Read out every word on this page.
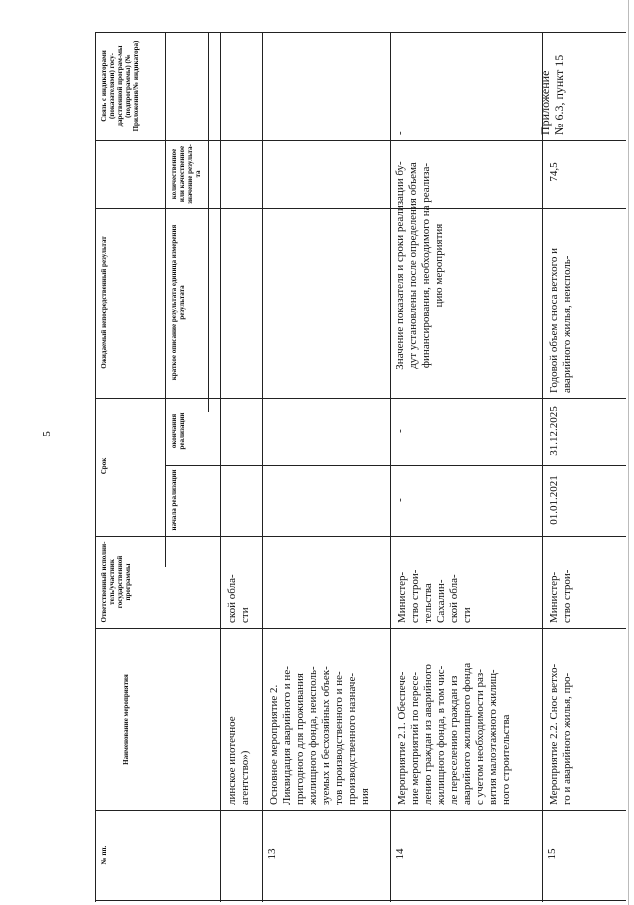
5
№ пп.
Наименование мероприятия
Ответственный исполни-тель/участник государственной программы
Срок
начала реализации
окончания реализации
Ожидаемый непосредственный результат	краткое описание результата единица измерения результата
количественное или качественное значение результа-та
Связь с индикаторами (показателями) госу-дарственной програм-мы (подпрограммы) (№ Приложения/№ индикатора)
линское ипотечное агентство»)
ской обла- сти
13
Основное мероприятие 2. Ликвидация аварийного и не- пригодного для проживания жилищного фонда, неисполь- зуемых и бесхозяйных объек- тов производственного и не- производственного назначе- ния
14
Мероприятие 2.1. Обеспече- ние мероприятий по пересе- лению граждан из аварийного жилищного фонда, в том чис- ле переселению граждан из аварийного жилищного фонда с учетом необходимости раз- вития малоэтажного жилищ- ного строительства
Министер- ство строи- тельства Сахалин- ской обла- сти
-
-
Значение показателя и сроки реализации бу- дут установлены после определения объема финансирования, необходимого на реализа- цию мероприятия
-
15
Мероприятие 2.2. Снос ветхо- го и аварийного жилья, про-
Министер- ство строи-
01.01.2021
31.12.2025
Годовой объем сноса ветхого и аварийного жилья, неисполь-
74,5
Приложение № 6.3, пункт 15
